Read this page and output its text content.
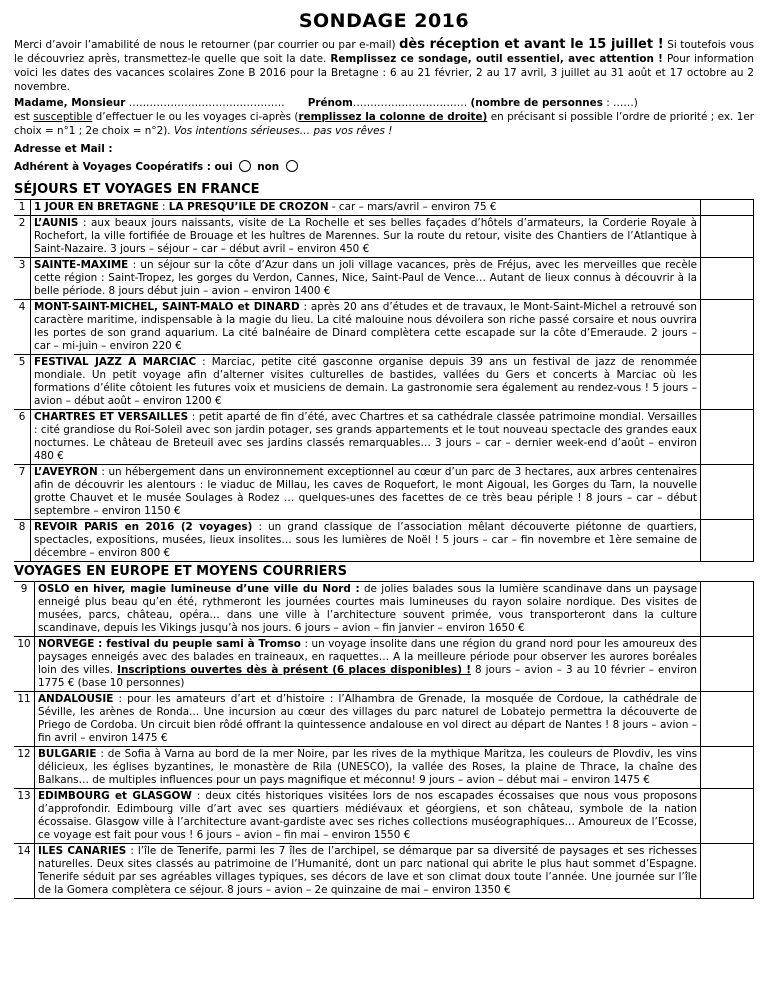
SONDAGE 2016

Merci d’avoir l’amabilité de nous le retourner (par courrier ou par e-mail) dès réception et avant le 15 juillet ! Si toutefois vous le découvriez après, transmettez-le quelle que soit la date. Remplissez ce sondage, outil essentiel, avec attention ! Pour information voici les dates des vacances scolaires Zone B 2016 pour la Bretagne : 6 au 21 février, 2 au 17 avril, 3 juillet au 31 août et 17 octobre au 2 novembre.

Madame, Monsieur ……………………………………… Prénom…………………………… (nombre de personnes : ……)

est susceptible d’effectuer le ou les voyages ci-après (remplissez la colonne de droite) en précisant si possible l’ordre de priorité ; ex. 1er choix = n°1 ; 2e choix = n°2). Vos intentions sérieuses… pas vos rêves !

Adresse et Mail :

Adhérent à Voyages Coopératifs : oui non

SÉJOURS ET VOYAGES EN FRANCE
1	1 JOUR EN BRETAGNE : LA PRESQU’ILE DE CROZON - car – mars/avril – environ 75 €	
2	L’AUNIS : aux beaux jours naissants, visite de La Rochelle et ses belles façades d’hôtels d’armateurs, la Corderie Royale à Rochefort, la ville fortifiée de Brouage et les huîtres de Marennes. Sur la route du retour, visite des Chantiers de l’Atlantique à Saint-Nazaire. 3 jours – séjour – car – début avril – environ 450 €	
3	SAINTE-MAXIME : un séjour sur la côte d’Azur dans un joli village vacances, près de Fréjus, avec les merveilles que recèle cette région : Saint-Tropez, les gorges du Verdon, Cannes, Nice, Saint-Paul de Vence… Autant de lieux connus à découvrir à la belle période. 8 jours début juin – avion – environ 1400 €	
4	MONT-SAINT-MICHEL, SAINT-MALO et DINARD : après 20 ans d’études et de travaux, le Mont-Saint-Michel a retrouvé son caractère maritime, indispensable à la magie du lieu. La cité malouine nous dévoilera son riche passé corsaire et nous ouvrira les portes de son grand aquarium. La cité balnéaire de Dinard complètera cette escapade sur la côte d’Emeraude. 2 jours – car – mi-juin – environ 220 €	
5	FESTIVAL JAZZ A MARCIAC : Marciac, petite cité gasconne organise depuis 39 ans un festival de jazz de renommée mondiale. Un petit voyage afin d’alterner visites culturelles de bastides, vallées du Gers et concerts à Marciac où les formations d’élite côtoient les futures voix et musiciens de demain. La gastronomie sera également au rendez-vous ! 5 jours – avion – début août – environ 1200 €	
6	CHARTRES ET VERSAILLES : petit aparté de fin d’été, avec Chartres et sa cathédrale classée patrimoine mondial. Versailles : cité grandiose du Roi-Soleil avec son jardin potager, ses grands appartements et le tout nouveau spectacle des grandes eaux nocturnes. Le château de Breteuil avec ses jardins classés remarquables… 3 jours – car – dernier week-end d’août – environ 480 €	
7	L’AVEYRON : un hébergement dans un environnement exceptionnel au cœur d’un parc de 3 hectares, aux arbres centenaires afin de découvrir les alentours : le viaduc de Millau, les caves de Roquefort, le mont Aigoual, les Gorges du Tarn, la nouvelle grotte Chauvet et le musée Soulages à Rodez … quelques-unes des facettes de ce très beau périple ! 8 jours – car – début septembre – environ 1150 €	
8	REVOIR PARIS en 2016 (2 voyages) : un grand classique de l’association mêlant découverte piétonne de quartiers, spectacles, expositions, musées, lieux insolites… sous les lumières de Noël ! 5 jours – car – fin novembre et 1ère semaine de décembre – environ 800 €	
VOYAGES EN EUROPE ET MOYENS COURRIERS
9	OSLO en hiver, magie lumineuse d’une ville du Nord : de jolies balades sous la lumière scandinave dans un paysage enneigé plus beau qu’en été, rythmeront les journées courtes mais lumineuses du rayon solaire nordique. Des visites de musées, parcs, château, opéra… dans une ville à l’architecture souvent primée, vous transporteront dans la culture scandinave, depuis les Vikings jusqu’à nos jours. 6 jours – avion – fin janvier – environ 1650 €	
10	NORVEGE : festival du peuple sami à Tromso : un voyage insolite dans une région du grand nord pour les amoureux des paysages enneigés avec des balades en traineaux, en raquettes… A la meilleure période pour observer les aurores boréales loin des villes. Inscriptions ouvertes dès à présent (6 places disponibles) ! 8 jours – avion – 3 au 10 février – environ 1775 € (base 10 personnes)	
11	ANDALOUSIE : pour les amateurs d’art et d’histoire : l’Alhambra de Grenade, la mosquée de Cordoue, la cathédrale de Séville, les arènes de Ronda... Une incursion au cœur des villages du parc naturel de Lobatejo permettra la découverte de Priego de Cordoba. Un circuit bien rôdé offrant la quintessence andalouse en vol direct au départ de Nantes ! 8 jours – avion – fin avril – environ 1475 €	
12	BULGARIE : de Sofia à Varna au bord de la mer Noire, par les rives de la mythique Maritza, les couleurs de Plovdiv, les vins délicieux, les églises byzantines, le monastère de Rila (UNESCO), la vallée des Roses, la plaine de Thrace, la chaîne des Balkans… de multiples influences pour un pays magnifique et méconnu! 9 jours – avion – début mai – environ 1475 €	
13	EDIMBOURG et GLASGOW : deux cités historiques visitées lors de nos escapades écossaises que nous vous proposons d’approfondir. Edimbourg ville d’art avec ses quartiers médiévaux et géorgiens, et son château, symbole de la nation écossaise. Glasgow ville à l’architecture avant-gardiste avec ses riches collections muséographiques… Amoureux de l’Ecosse, ce voyage est fait pour vous ! 6 jours – avion – fin mai – environ 1550 €	
14	ILES CANARIES : l’île de Tenerife, parmi les 7 îles de l’archipel, se démarque par sa diversité de paysages et ses richesses naturelles. Deux sites classés au patrimoine de l’Humanité, dont un parc national qui abrite le plus haut sommet d’Espagne. Tenerife séduit par ses agréables villages typiques, ses décors de lave et son climat doux toute l’année. Une journée sur l’île de la Gomera complètera ce séjour. 8 jours – avion – 2e quinzaine de mai – environ 1350 €	
